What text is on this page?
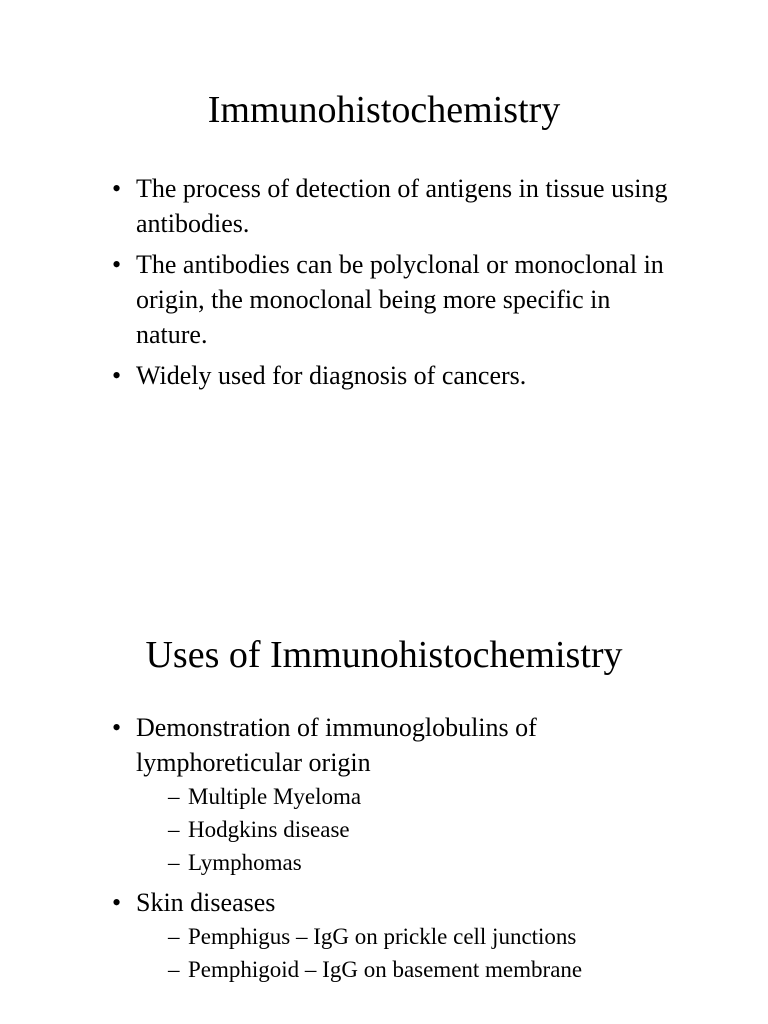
Immunohistochemistry
• The process of detection of antigens in tissue using antibodies.
• The antibodies can be polyclonal or monoclonal in origin, the monoclonal being more specific in nature.
• Widely used for diagnosis of cancers.
Uses of Immunohistochemistry
• Demonstration of immunoglobulins of lymphoreticular origin
– Multiple Myeloma
– Hodgkins disease
– Lymphomas
• Skin diseases
– Pemphigus – IgG on prickle cell junctions
– Pemphigoid – IgG on basement membrane
